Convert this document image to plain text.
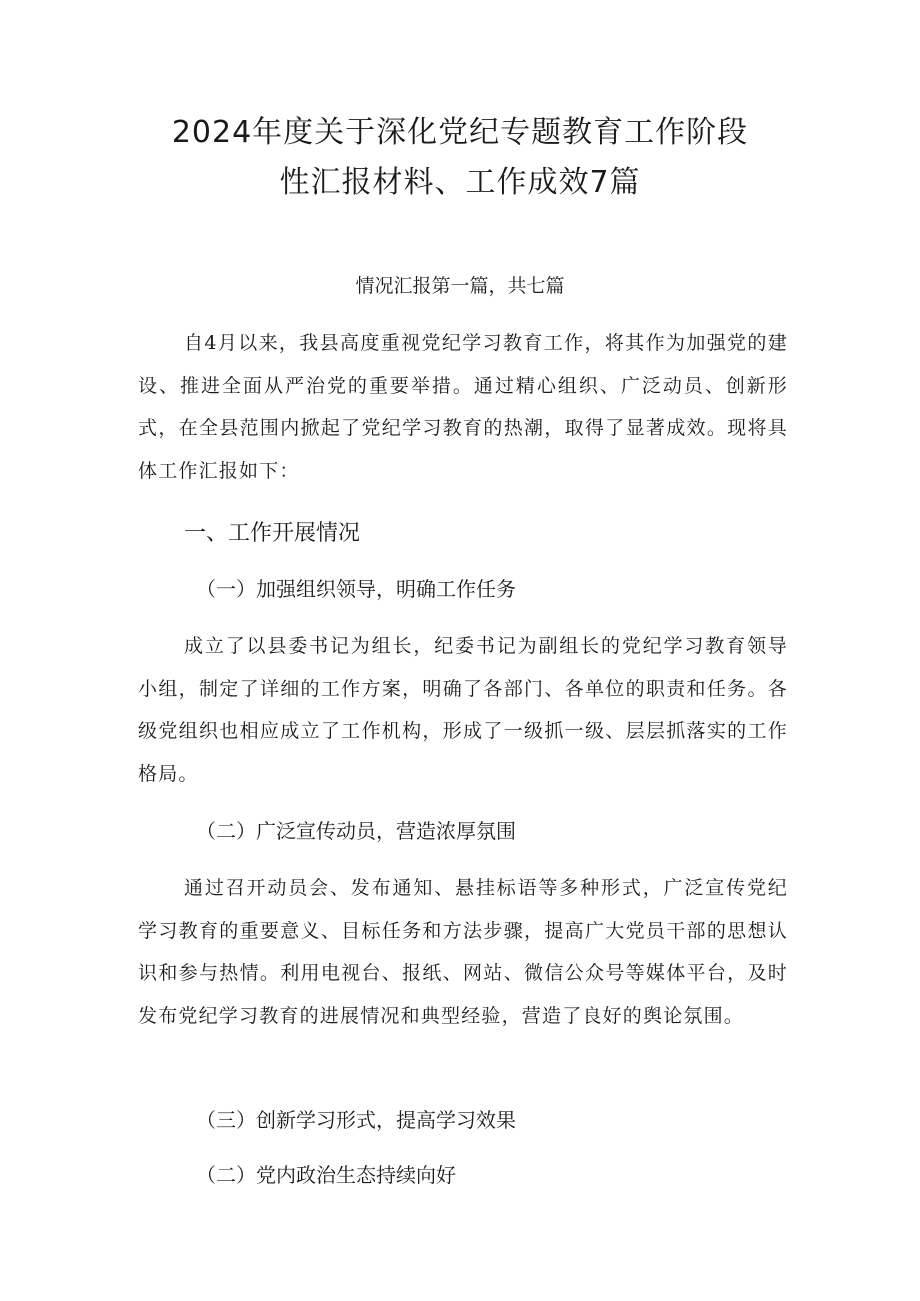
2024年度关于深化党纪专题教育工作阶段
性汇报材料、工作成效7篇

情况汇报第一篇，共七篇

自4月以来，我县高度重视党纪学习教育工作，将其作为加强党的建设、推进全面从严治党的重要举措。通过精心组织、广泛动员、创新形式，在全县范围内掀起了党纪学习教育的热潮，取得了显著成效。现将具体工作汇报如下：

一、工作开展情况
（一）加强组织领导，明确工作任务

成立了以县委书记为组长，纪委书记为副组长的党纪学习教育领导小组，制定了详细的工作方案，明确了各部门、各单位的职责和任务。各级党组织也相应成立了工作机构，形成了一级抓一级、层层抓落实的工作格局。

（二）广泛宣传动员，营造浓厚氛围

通过召开动员会、发布通知、悬挂标语等多种形式，广泛宣传党纪学习教育的重要意义、目标任务和方法步骤，提高广大党员干部的思想认识和参与热情。利用电视台、报纸、网站、微信公众号等媒体平台，及时发布党纪学习教育的进展情况和典型经验，营造了良好的舆论氛围。

（三）创新学习形式，提高学习效果
（二）党内政治生态持续向好
